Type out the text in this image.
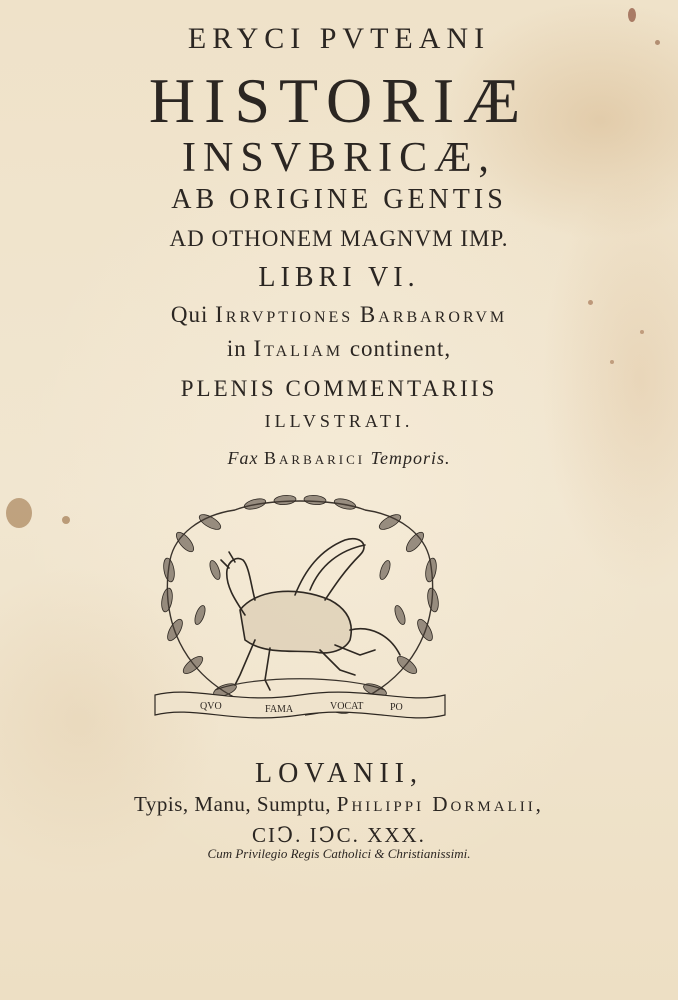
ERYCI PVTEANI
HISTORIÆ
INSVBRICÆ,
AB ORIGINE GENTIS
AD OTHONEM MAGNVM IMP.
LIBRI VI.
Qui Irrvptiones Barbarorvm
in Italiam continent,
PLENIS COMMENTARIIS
ILLVSTRATI.
Fax Barbarici Temporis.
QVO	FAMA	VOCAT	PO
LOVANII,
Typis, Manu, Sumptu, Philippi Dormalii,
CIↃ. IↃC. XXX.
Cum Privilegio Regis Catholici & Christianissimi.
